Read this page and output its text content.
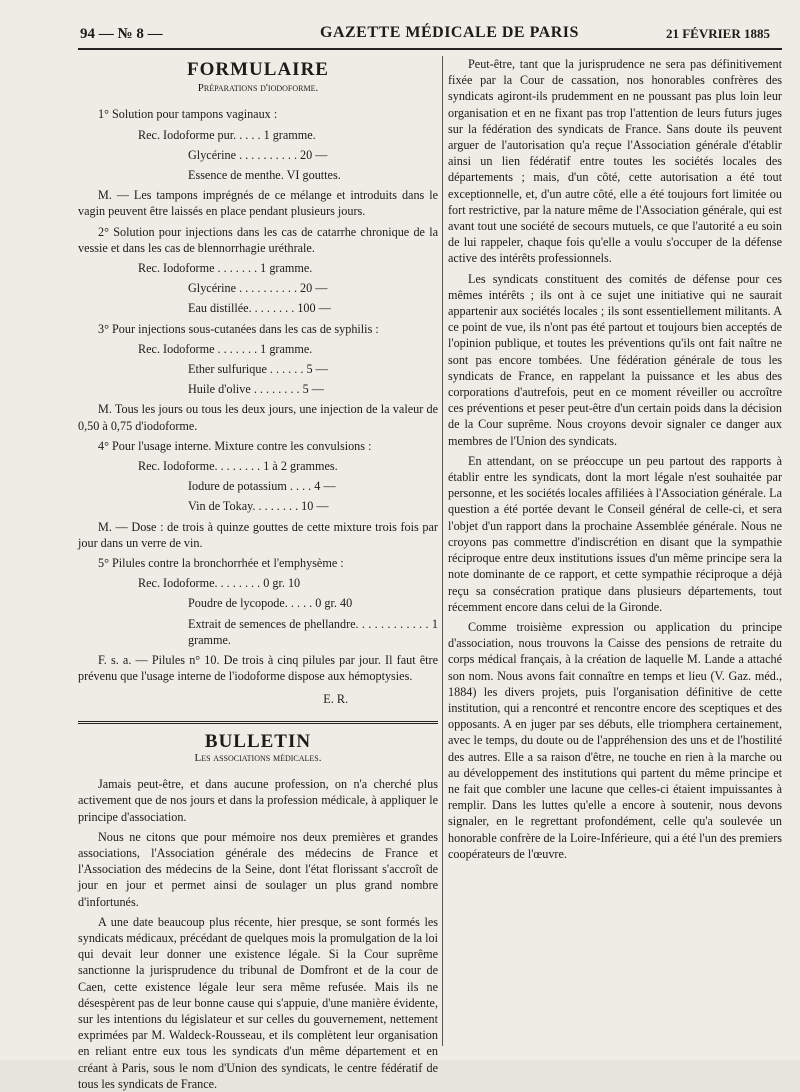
94 — № 8 —	GAZETTE MÉDICALE DE PARIS	21 FÉVRIER 1885
FORMULAIRE
Préparations d'iodoforme.

1° Solution pour tampons vaginaux :

Rec. Iodoforme pur. . . . . 1 gramme.

Glycérine . . . . . . . . . . 20 —

Essence de menthe. VI gouttes.

M. — Les tampons imprégnés de ce mélange et introduits dans le vagin peuvent être laissés en place pendant plusieurs jours.

2° Solution pour injections dans les cas de catarrhe chronique de la vessie et dans les cas de blennorrhagie uréthrale.

Rec. Iodoforme . . . . . . . 1 gramme.

Glycérine . . . . . . . . . . 20 —

Eau distillée. . . . . . . . 100 —

3° Pour injections sous-cutanées dans les cas de syphilis :

Rec. Iodoforme . . . . . . . 1 gramme.

Ether sulfurique . . . . . . 5 —

Huile d'olive . . . . . . . . 5 —

M. Tous les jours ou tous les deux jours, une injection de la valeur de 0,50 à 0,75 d'iodoforme.

4° Pour l'usage interne. Mixture contre les convulsions :

Rec. Iodoforme. . . . . . . . 1 à 2 grammes.

Iodure de potassium . . . . 4 —

Vin de Tokay. . . . . . . . 10 —

M. — Dose : de trois à quinze gouttes de cette mixture trois fois par jour dans un verre de vin.

5° Pilules contre la bronchorrhée et l'emphysème :

Rec. Iodoforme. . . . . . . . 0 gr. 10

Poudre de lycopode. . . . . 0 gr. 40

Extrait de semences de phellandre. . . . . . . . . . . . 1 gramme.

F. s. a. — Pilules n° 10. De trois à cinq pilules par jour. Il faut être prévenu que l'usage interne de l'iodoforme dispose aux hémoptysies.

E. R.

BULLETIN
Les associations médicales.

Jamais peut-être, et dans aucune profession, on n'a cherché plus activement que de nos jours et dans la profession médicale, à appliquer le principe d'association.

Nous ne citons que pour mémoire nos deux premières et grandes associations, l'Association générale des médecins de France et l'Association des médecins de la Seine, dont l'état florissant s'accroît de jour en jour et permet ainsi de soulager un plus grand nombre d'infortunés.

A une date beaucoup plus récente, hier presque, se sont formés les syndicats médicaux, précédant de quelques mois la promulgation de la loi qui devait leur donner une existence légale. Si la Cour suprême sanctionne la jurisprudence du tribunal de Domfront et de la cour de Caen, cette existence légale leur sera même refusée. Mais ils ne désespèrent pas de leur bonne cause qui s'appuie, d'une manière évidente, sur les intentions du législateur et sur celles du gouvernement, nettement exprimées par M. Waldeck-Rousseau, et ils complètent leur organisation en reliant entre eux tous les syndicats d'un même département et en créant à Paris, sous le nom d'Union des syndicats, le centre fédératif de tous les syndicats de France.

Peut-être, tant que la jurisprudence ne sera pas définitivement fixée par la Cour de cassation, nos honorables confrères des syndicats agiront-ils prudemment en ne poussant pas plus loin leur organisation et en ne fixant pas trop l'attention de leurs futurs juges sur la fédération des syndicats de France. Sans doute ils peuvent arguer de l'autorisation qu'a reçue l'Association générale d'établir ainsi un lien fédératif entre toutes les sociétés locales des départements ; mais, d'un côté, cette autorisation a été tout exceptionnelle, et, d'un autre côté, elle a été toujours fort limitée ou fort restrictive, par la nature même de l'Association générale, qui est avant tout une société de secours mutuels, ce que l'autorité a eu soin de lui rappeler, chaque fois qu'elle a voulu s'occuper de la défense active des intérêts professionnels.

Les syndicats constituent des comités de défense pour ces mêmes intérêts ; ils ont à ce sujet une initiative qui ne saurait appartenir aux sociétés locales ; ils sont essentiellement militants. A ce point de vue, ils n'ont pas été partout et toujours bien acceptés de l'opinion publique, et toutes les préventions qu'ils ont fait naître ne sont pas encore tombées. Une fédération générale de tous les syndicats de France, en rappelant la puissance et les abus des corporations d'autrefois, peut en ce moment réveiller ou accroître ces préventions et peser peut-être d'un certain poids dans la décision de la Cour suprême. Nous croyons devoir signaler ce danger aux membres de l'Union des syndicats.

En attendant, on se préoccupe un peu partout des rapports à établir entre les syndicats, dont la mort légale n'est souhaitée par personne, et les sociétés locales affiliées à l'Association générale. La question a été portée devant le Conseil général de celle-ci, et sera l'objet d'un rapport dans la prochaine Assemblée générale. Nous ne croyons pas commettre d'indiscrétion en disant que la sympathie réciproque entre deux institutions issues d'un même principe sera la note dominante de ce rapport, et cette sympathie réciproque a déjà reçu sa consécration pratique dans plusieurs départements, tout récemment encore dans celui de la Gironde.

Comme troisième expression ou application du principe d'association, nous trouvons la Caisse des pensions de retraite du corps médical français, à la création de laquelle M. Lande a attaché son nom. Nous avons fait connaître en temps et lieu (V. Gaz. méd., 1884) les divers projets, puis l'organisation définitive de cette institution, qui a rencontré et rencontre encore des sceptiques et des opposants. A en juger par ses débuts, elle triomphera certainement, avec le temps, du doute ou de l'appréhension des uns et de l'hostilité des autres. Elle a sa raison d'être, ne touche en rien à la marche ou au développement des institutions qui partent du même principe et ne fait que combler une lacune que celles-ci étaient impuissantes à remplir. Dans les luttes qu'elle a encore à soutenir, nous devons signaler, en le regrettant profondément, celle qu'a soulevée un honorable confrère de la Loire-Inférieure, qui a été l'un des premiers coopérateurs de l'œuvre.
